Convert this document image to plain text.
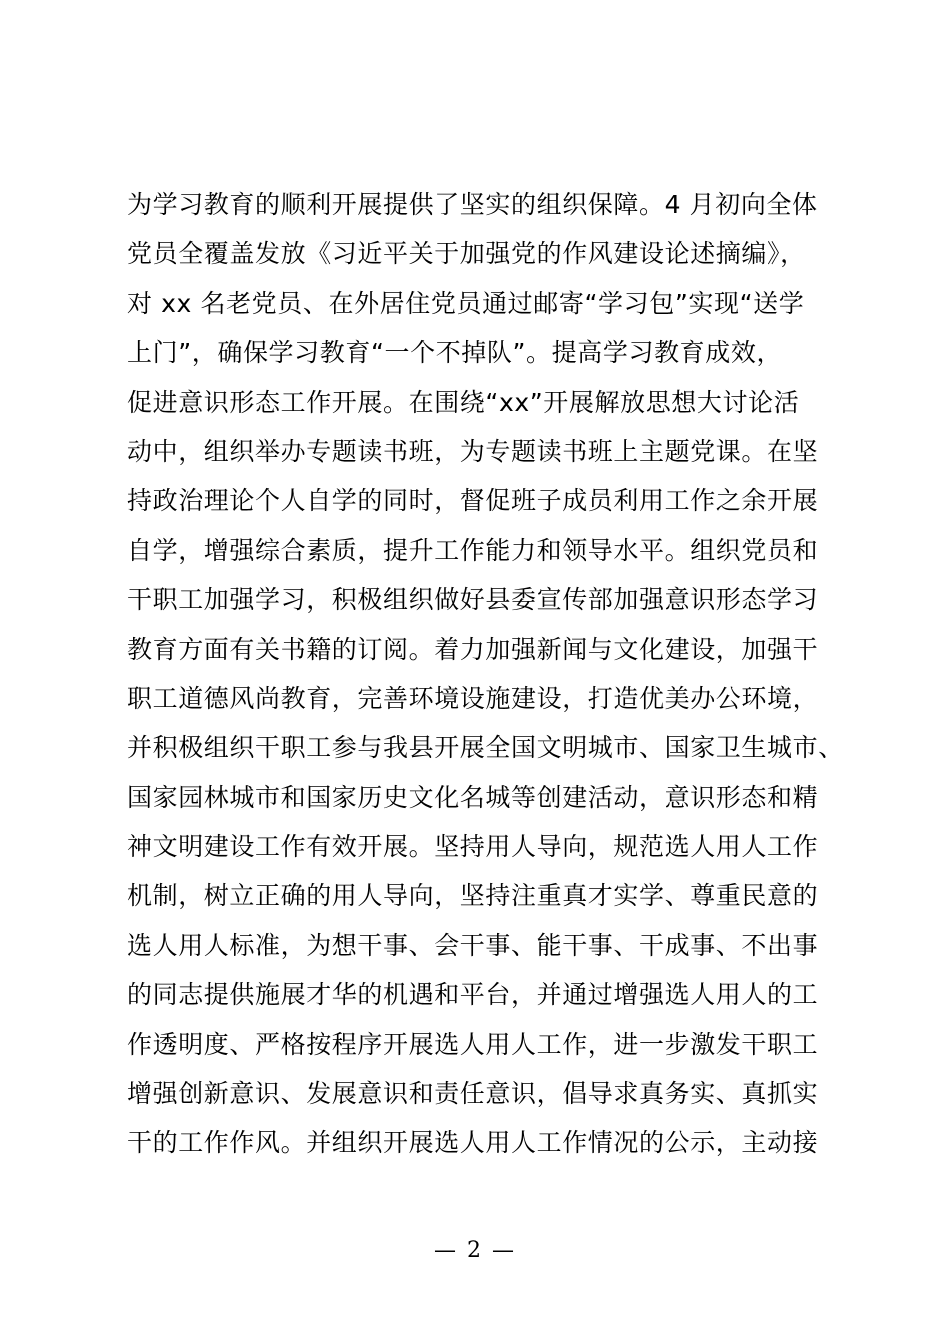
为学习教育的顺利开展提供了坚实的组织保障。4 月初向全体
党员全覆盖发放《习近平关于加强党的作风建设论述摘编》，
对 xx 名老党员、在外居住党员通过邮寄“学习包”实现“送学
上门”，确保学习教育“一个不掉队”。提高学习教育成效，
促进意识形态工作开展。在围绕“xx”开展解放思想大讨论活
动中，组织举办专题读书班，为专题读书班上主题党课。在坚
持政治理论个人自学的同时，督促班子成员利用工作之余开展
自学，增强综合素质，提升工作能力和领导水平。组织党员和
干职工加强学习，积极组织做好县委宣传部加强意识形态学习
教育方面有关书籍的订阅。着力加强新闻与文化建设，加强干
职工道德风尚教育，完善环境设施建设，打造优美办公环境，
并积极组织干职工参与我县开展全国文明城市、国家卫生城市、
国家园林城市和国家历史文化名城等创建活动，意识形态和精
神文明建设工作有效开展。坚持用人导向，规范选人用人工作
机制，树立正确的用人导向，坚持注重真才实学、尊重民意的
选人用人标准，为想干事、会干事、能干事、干成事、不出事
的同志提供施展才华的机遇和平台，并通过增强选人用人的工
作透明度、严格按程序开展选人用人工作，进一步激发干职工
增强创新意识、发展意识和责任意识，倡导求真务实、真抓实
干的工作作风。并组织开展选人用人工作情况的公示，主动接
— 2 —
